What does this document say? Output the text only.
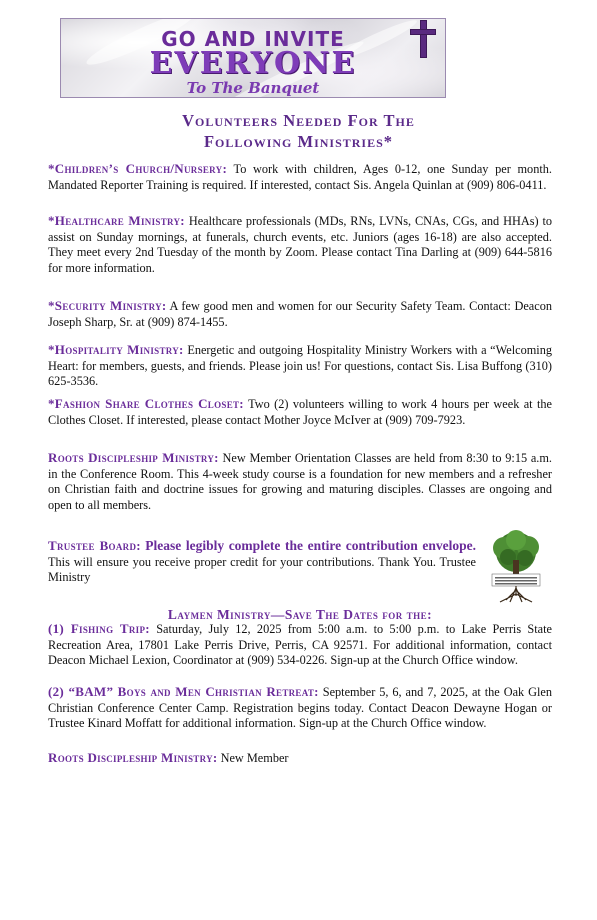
GO AND INVITE
EVERYONE
To The Banquet
Volunteers Needed For The
Following Ministries*
*Children’s Church/Nursery: To work with children, Ages 0-12, one Sunday per month. Mandated Reporter Training is required. If interested, contact Sis. Angela Quinlan at (909) 806-0411.
*Healthcare Ministry: Healthcare professionals (MDs, RNs, LVNs, CNAs, CGs, and HHAs) to assist on Sunday mornings, at funerals, church events, etc. Juniors (ages 16-18) are also accepted. They meet every 2nd Tuesday of the month by Zoom. Please contact Tina Darling at (909) 644-5816 for more information.
*Security Ministry: A few good men and women for our Security Safety Team. Contact: Deacon Joseph Sharp, Sr. at (909) 874-1455.
*Hospitality Ministry: Energetic and outgoing Hospitality Ministry Workers with a “Welcoming Heart: for members, guests, and friends. Please join us! For questions, contact Sis. Lisa Buffong (310) 625-3536.
*Fashion Share Clothes Closet: Two (2) volunteers willing to work 4 hours per week at the Clothes Closet. If interested, please contact Mother Joyce McIver at (909) 709-7923.
Roots Discipleship Ministry: New Member Orientation Classes are held from 8:30 to 9:15 a.m. in the Conference Room. This 4-week study course is a foundation for new members and a refresher on Christian faith and doctrine issues for growing and maturing disciples. Classes are ongoing and open to all members.
Trustee Board: Please legibly complete the entire contribution envelope. This will ensure you receive proper credit for your contributions. Thank You. Trustee Ministry
Laymen Ministry—Save The Dates for the:
(1) Fishing Trip: Saturday, July 12, 2025 from 5:00 a.m. to 5:00 p.m. to Lake Perris State Recreation Area, 17801 Lake Perris Drive, Perris, CA 92571. For additional information, contact Deacon Michael Lexion, Coordinator at (909) 534-0226. Sign-up at the Church Office window.
(2) “BAM” Boys and Men Christian Retreat: September 5, 6, and 7, 2025, at the Oak Glen Christian Conference Center Camp. Registration begins today. Contact Deacon Dewayne Hogan or Trustee Kinard Moffatt for additional information. Sign-up at the Church Office window.
Roots Discipleship Ministry: New Member
